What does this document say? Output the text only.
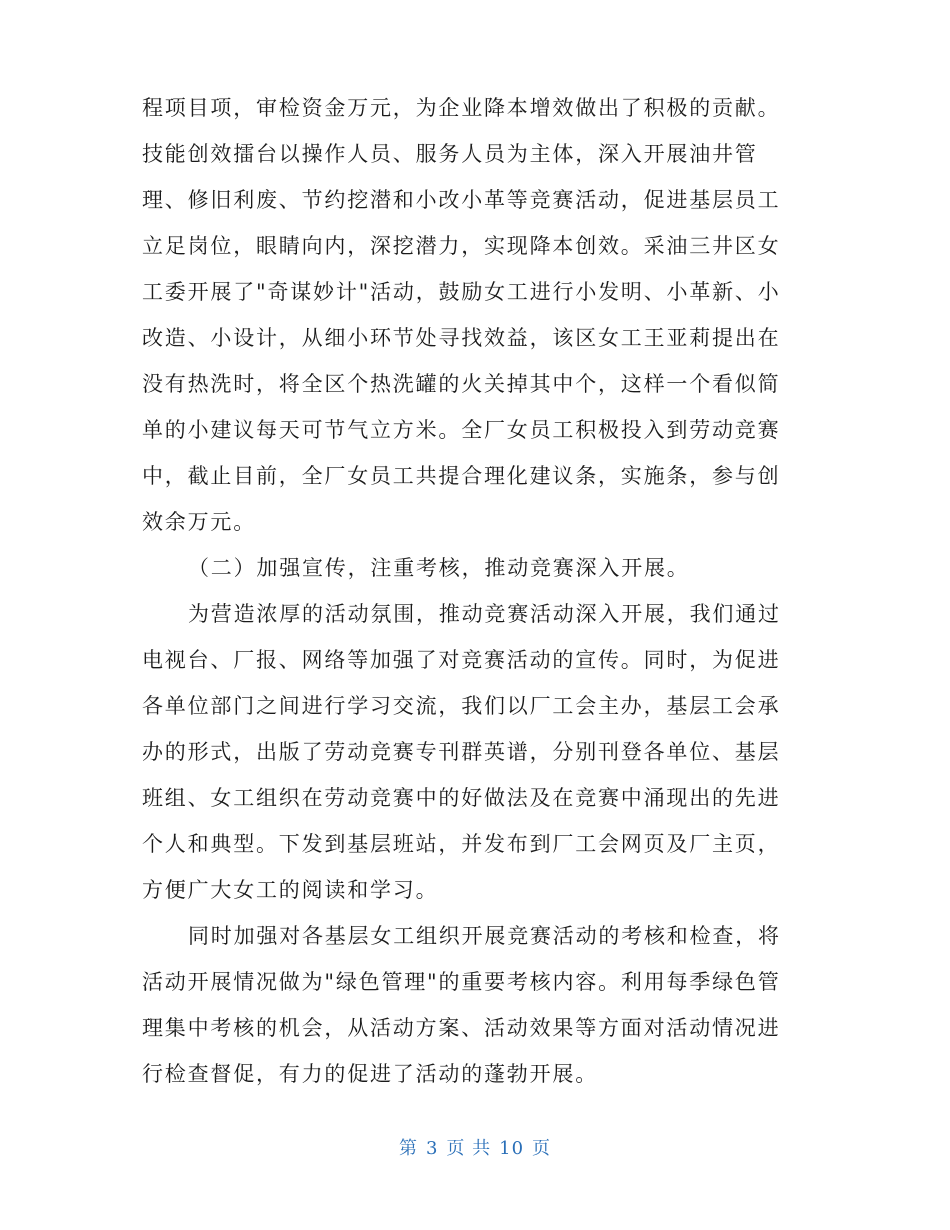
程项目项，审检资金万元，为企业降本增效做出了积极的贡献。
技能创效擂台以操作人员、服务人员为主体，深入开展油井管
理、修旧利废、节约挖潜和小改小革等竞赛活动，促进基层员工
立足岗位，眼睛向内，深挖潜力，实现降本创效。采油三井区女
工委开展了"奇谋妙计"活动，鼓励女工进行小发明、小革新、小
改造、小设计，从细小环节处寻找效益，该区女工王亚莉提出在
没有热洗时，将全区个热洗罐的火关掉其中个，这样一个看似简
单的小建议每天可节气立方米。全厂女员工积极投入到劳动竞赛
中，截止目前，全厂女员工共提合理化建议条，实施条，参与创
效余万元。
（二）加强宣传，注重考核，推动竞赛深入开展。
为营造浓厚的活动氛围，推动竞赛活动深入开展，我们通过
电视台、厂报、网络等加强了对竞赛活动的宣传。同时，为促进
各单位部门之间进行学习交流，我们以厂工会主办，基层工会承
办的形式，出版了劳动竞赛专刊群英谱，分别刊登各单位、基层
班组、女工组织在劳动竞赛中的好做法及在竞赛中涌现出的先进
个人和典型。下发到基层班站，并发布到厂工会网页及厂主页，
方便广大女工的阅读和学习。
同时加强对各基层女工组织开展竞赛活动的考核和检查，将
活动开展情况做为"绿色管理"的重要考核内容。利用每季绿色管
理集中考核的机会，从活动方案、活动效果等方面对活动情况进
行检查督促，有力的促进了活动的蓬勃开展。
第 3 页 共 10 页
